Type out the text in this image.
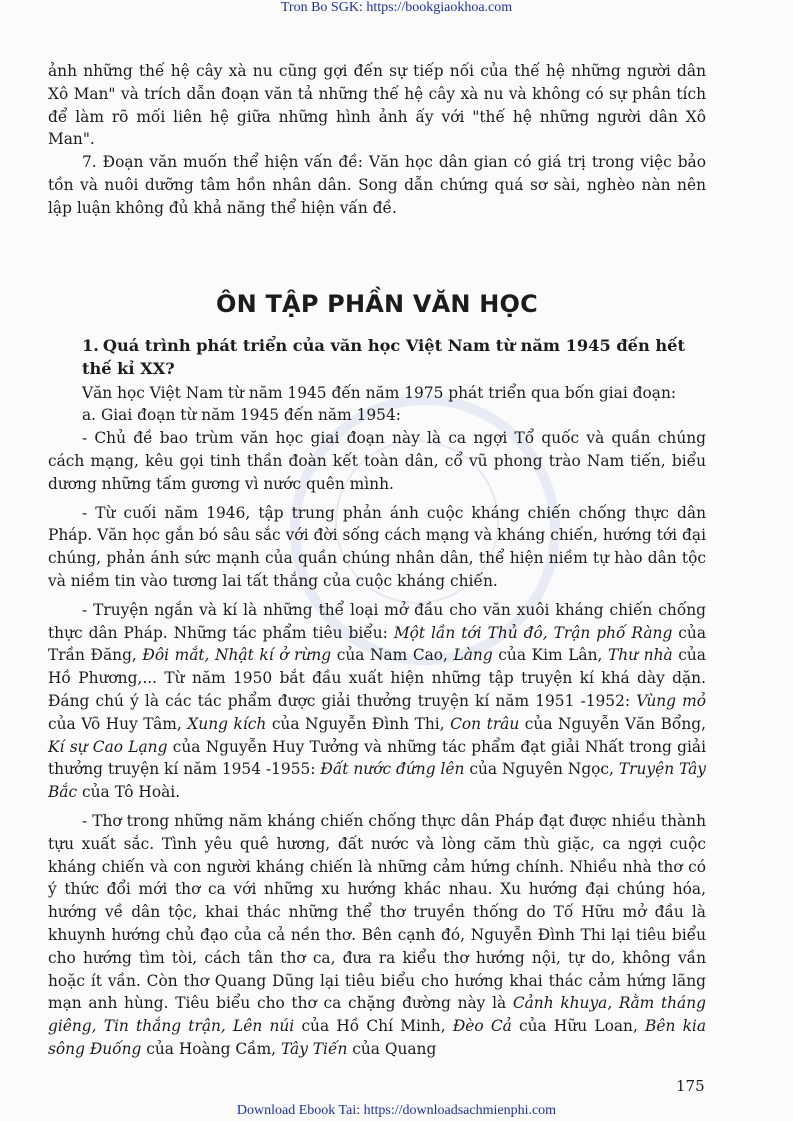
Tron Bo SGK: https://bookgiaokhoa.com

ảnh những thế hệ cây xà nu cũng gợi đến sự tiếp nối của thế hệ những người dân Xô Man" và trích dẫn đoạn văn tả những thế hệ cây xà nu và không có sự phân tích để làm rõ mối liên hệ giữa những hình ảnh ấy với "thế hệ những người dân Xô Man".

7. Đoạn văn muốn thể hiện vấn đề: Văn học dân gian có giá trị trong việc bảo tồn và nuôi dưỡng tâm hồn nhân dân. Song dẫn chứng quá sơ sài, nghèo nàn nên lập luận không đủ khả năng thể hiện vấn đề.

ÔN TẬP PHẦN VĂN HỌC
1. Quá trình phát triển của văn học Việt Nam từ năm 1945 đến hết thế kỉ XX?

Văn học Việt Nam từ năm 1945 đến năm 1975 phát triển qua bốn giai đoạn:

a. Giai đoạn từ năm 1945 đến năm 1954:

- Chủ đề bao trùm văn học giai đoạn này là ca ngợi Tổ quốc và quần chúng cách mạng, kêu gọi tinh thần đoàn kết toàn dân, cổ vũ phong trào Nam tiến, biểu dương những tấm gương vì nước quên mình.

- Từ cuối năm 1946, tập trung phản ánh cuộc kháng chiến chống thực dân Pháp. Văn học gắn bó sâu sắc với đời sống cách mạng và kháng chiến, hướng tới đại chúng, phản ánh sức mạnh của quần chúng nhân dân, thể hiện niềm tự hào dân tộc và niềm tin vào tương lai tất thắng của cuộc kháng chiến.

- Truyện ngắn và kí là những thể loại mở đầu cho văn xuôi kháng chiến chống thực dân Pháp. Những tác phẩm tiêu biểu: Một lần tới Thủ đô, Trận phố Ràng của Trần Đăng, Đôi mắt, Nhật kí ở rừng của Nam Cao, Làng của Kim Lân, Thư nhà của Hồ Phương,... Từ năm 1950 bắt đầu xuất hiện những tập truyện kí khá dày dặn. Đáng chú ý là các tác phẩm được giải thưởng truyện kí năm 1951 -1952: Vùng mỏ của Võ Huy Tâm, Xung kích của Nguyễn Đình Thi, Con trâu của Nguyễn Văn Bổng, Kí sự Cao Lạng của Nguyễn Huy Tưởng và những tác phẩm đạt giải Nhất trong giải thưởng truyện kí năm 1954 -1955: Đất nước đứng lên của Nguyên Ngọc, Truyện Tây Bắc của Tô Hoài.

- Thơ trong những năm kháng chiến chống thực dân Pháp đạt được nhiều thành tựu xuất sắc. Tình yêu quê hương, đất nước và lòng căm thù giặc, ca ngợi cuộc kháng chiến và con người kháng chiến là những cảm hứng chính. Nhiều nhà thơ có ý thức đổi mới thơ ca với những xu hướng khác nhau. Xu hướng đại chúng hóa, hướng về dân tộc, khai thác những thể thơ truyền thống do Tố Hữu mở đầu là khuynh hướng chủ đạo của cả nền thơ. Bên cạnh đó, Nguyễn Đình Thi lại tiêu biểu cho hướng tìm tòi, cách tân thơ ca, đưa ra kiểu thơ hướng nội, tự do, không vần hoặc ít vần. Còn thơ Quang Dũng lại tiêu biểu cho hướng khai thác cảm hứng lãng mạn anh hùng. Tiêu biểu cho thơ ca chặng đường này là Cảnh khuya, Rằm tháng giêng, Tin thắng trận, Lên núi của Hồ Chí Minh, Đèo Cả của Hữu Loan, Bên kia sông Đuống của Hoàng Cầm, Tây Tiến của Quang

175
Download Ebook Tai: https://downloadsachmienphi.com
